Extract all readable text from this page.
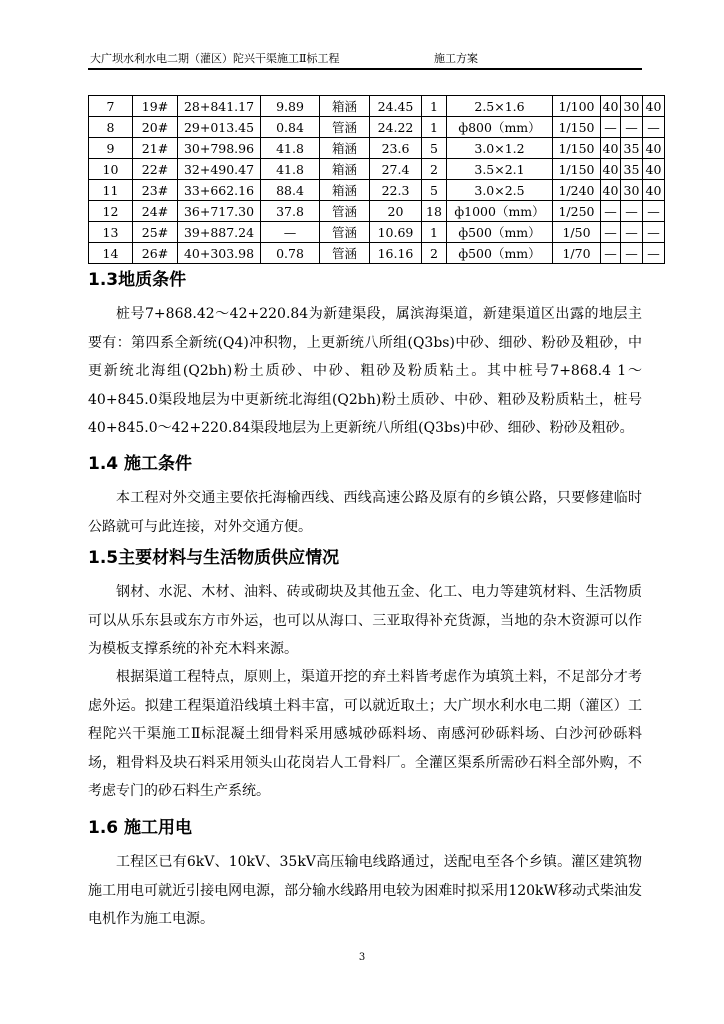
大广坝水利水电二期（灌区）陀兴干渠施工Ⅱ标工程	施工方案
7	19#	28+841.17	9.89	箱涵	24.45	1	2.5×1.6	1/100	40	30	40
8	20#	29+013.45	0.84	管涵	24.22	1	ф800（mm）	1/150	—	—	—
9	21#	30+798.96	41.8	箱涵	23.6	5	3.0×1.2	1/150	40	35	40
10	22#	32+490.47	41.8	箱涵	27.4	2	3.5×2.1	1/150	40	35	40
11	23#	33+662.16	88.4	箱涵	22.3	5	3.0×2.5	1/240	40	30	40
12	24#	36+717.30	37.8	管涵	20	18	ф1000（mm）	1/250	—	—	—
13	25#	39+887.24	—	管涵	10.69	1	ф500（mm）	1/50	—	—	—
14	26#	40+303.98	0.78	管涵	16.16	2	ф500（mm）	1/70	—	—	—
1.3地质条件

桩号7+868.42～42+220.84为新建渠段，属滨海渠道，新建渠道区出露的地层主要有：第四系全新统(Q4)冲积物，上更新统八所组(Q3bs)中砂、细砂、粉砂及粗砂，中更新统北海组(Q2bh)粉土质砂、中砂、粗砂及粉质粘土。其中桩号7+868.4 1～40+845.0渠段地层为中更新统北海组(Q2bh)粉土质砂、中砂、粗砂及粉质粘土，桩号40+845.0～42+220.84渠段地层为上更新统八所组(Q3bs)中砂、细砂、粉砂及粗砂。

1.4 施工条件

本工程对外交通主要依托海榆西线、西线高速公路及原有的乡镇公路，只要修建临时公路就可与此连接，对外交通方便。

1.5主要材料与生活物质供应情况

钢材、水泥、木材、油料、砖或砌块及其他五金、化工、电力等建筑材料、生活物质可以从乐东县或东方市外运，也可以从海口、三亚取得补充货源，当地的杂木资源可以作为模板支撑系统的补充木料来源。

根据渠道工程特点，原则上，渠道开挖的弃土料皆考虑作为填筑土料，不足部分才考虑外运。拟建工程渠道沿线填土料丰富，可以就近取土；大广坝水利水电二期（灌区）工程陀兴干渠施工Ⅱ标混凝土细骨料采用感城砂砾料场、南感河砂砾料场、白沙河砂砾料场，粗骨料及块石料采用领头山花岗岩人工骨料厂。全灌区渠系所需砂石料全部外购，不考虑专门的砂石料生产系统。

1.6 施工用电

工程区已有6kV、10kV、35kV高压输电线路通过，送配电至各个乡镇。灌区建筑物施工用电可就近引接电网电源，部分输水线路用电较为困难时拟采用120kW移动式柴油发电机作为施工电源。

3
